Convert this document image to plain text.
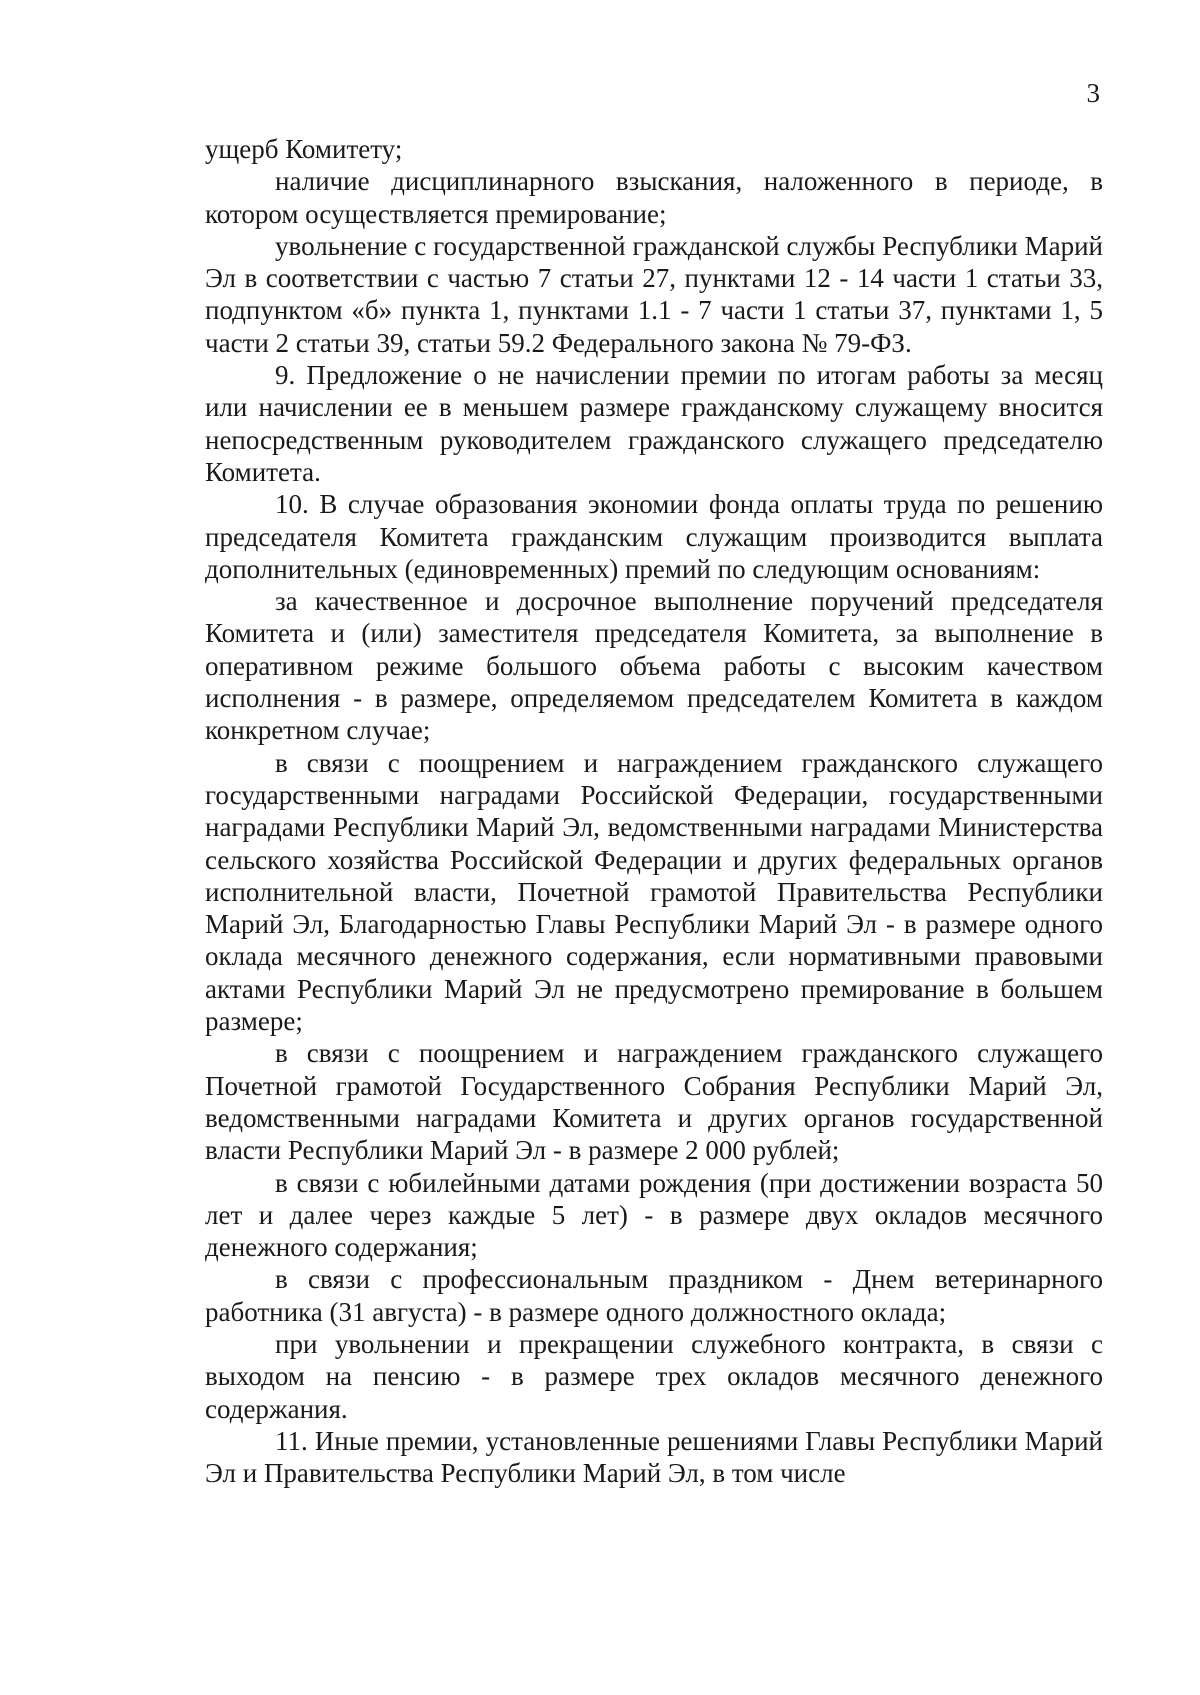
3

ущерб Комитету;

наличие дисциплинарного взыскания, наложенного в периоде, в котором осуществляется премирование;

увольнение с государственной гражданской службы Республики Марий Эл в соответствии с частью 7 статьи 27, пунктами 12 - 14 части 1 статьи 33, подпунктом «б» пункта 1, пунктами 1.1 - 7 части 1 статьи 37, пунктами 1, 5 части 2 статьи 39, статьи 59.2 Федерального закона № 79-ФЗ.

9. Предложение о не начислении премии по итогам работы за месяц или начислении ее в меньшем размере гражданскому служащему вносится непосредственным руководителем гражданского служащего председателю Комитета.

10. В случае образования экономии фонда оплаты труда по решению председателя Комитета гражданским служащим производится выплата дополнительных (единовременных) премий по следующим основаниям:

за качественное и досрочное выполнение поручений председателя Комитета и (или) заместителя председателя Комитета, за выполнение в оперативном режиме большого объема работы с высоким качеством исполнения - в размере, определяемом председателем Комитета в каждом конкретном случае;

в связи с поощрением и награждением гражданского служащего государственными наградами Российской Федерации, государственными наградами Республики Марий Эл, ведомственными наградами Министерства сельского хозяйства Российской Федерации и других федеральных органов исполнительной власти, Почетной грамотой Правительства Республики Марий Эл, Благодарностью Главы Республики Марий Эл - в размере одного оклада месячного денежного содержания, если нормативными правовыми актами Республики Марий Эл не предусмотрено премирование в большем размере;

в связи с поощрением и награждением гражданского служащего Почетной грамотой Государственного Собрания Республики Марий Эл, ведомственными наградами Комитета и других органов государственной власти Республики Марий Эл - в размере 2 000 рублей;

в связи с юбилейными датами рождения (при достижении возраста 50 лет и далее через каждые 5 лет) - в размере двух окладов месячного денежного содержания;

в связи с профессиональным праздником - Днем ветеринарного работника (31 августа) - в размере одного должностного оклада;

при увольнении и прекращении служебного контракта, в связи с выходом на пенсию - в размере трех окладов месячного денежного содержания.

11. Иные премии, установленные решениями Главы Республики Марий Эл и Правительства Республики Марий Эл, в том числе
